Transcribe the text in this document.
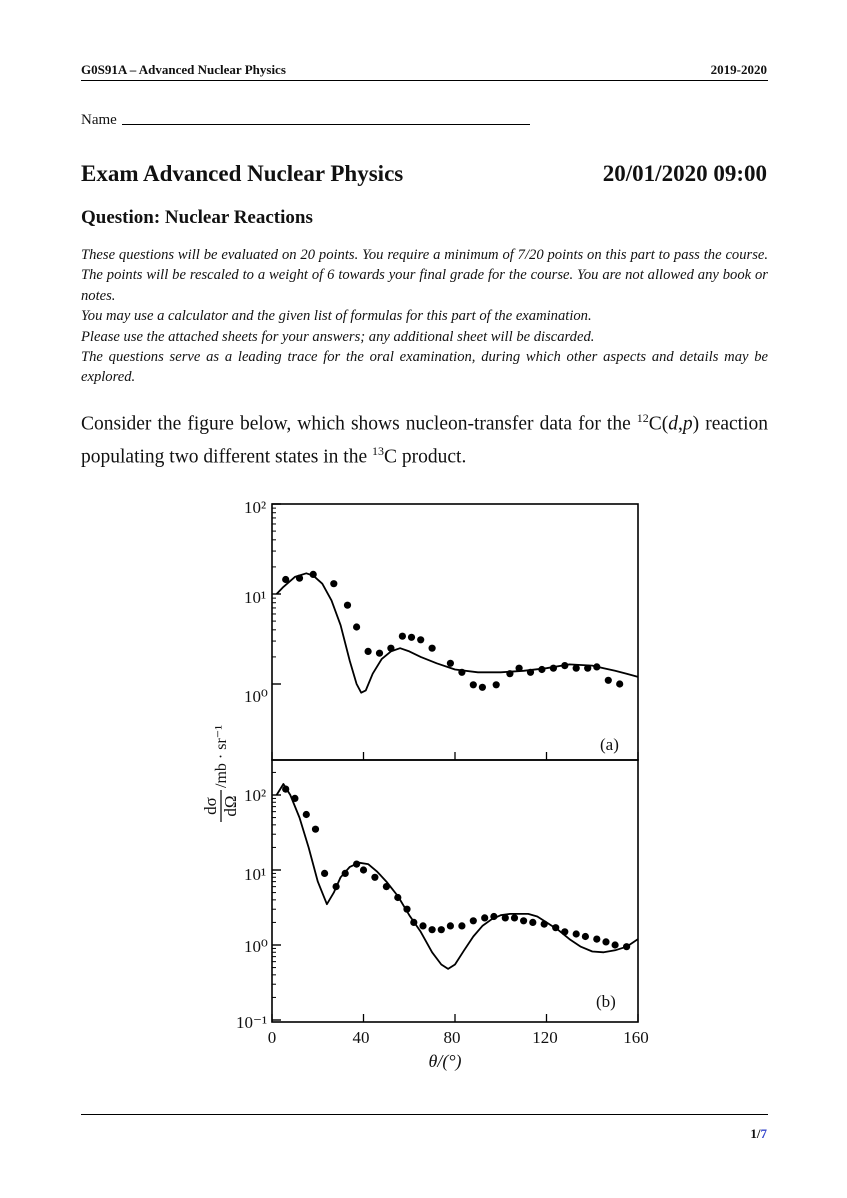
G0S91A – Advanced Nuclear Physics	2019-2020
Name
Exam Advanced Nuclear Physics	20/01/2020 09:00
Question: Nuclear Reactions

These questions will be evaluated on 20 points. You require a minimum of 7/20 points on this part to pass the course. The points will be rescaled to a weight of 6 towards your final grade for the course. You are not allowed any book or notes.

You may use a calculator and the given list of formulas for this part of the examination.

Please use the attached sheets for your answers; any additional sheet will be discarded.

The questions serve as a leading trace for the oral examination, during which other aspects and details may be explored.

Consider the figure below, which shows nucleon-transfer data for the $^{12}$C(d,p) reaction populating two different states in the $^{13}$C product.
10²
10¹
10⁰
10²
10¹
10⁰
10⁻¹
(a)
(b)
0	40	80	120	160
θ/(°)
dσ dΩ
/mb · sr⁻¹
1/7
